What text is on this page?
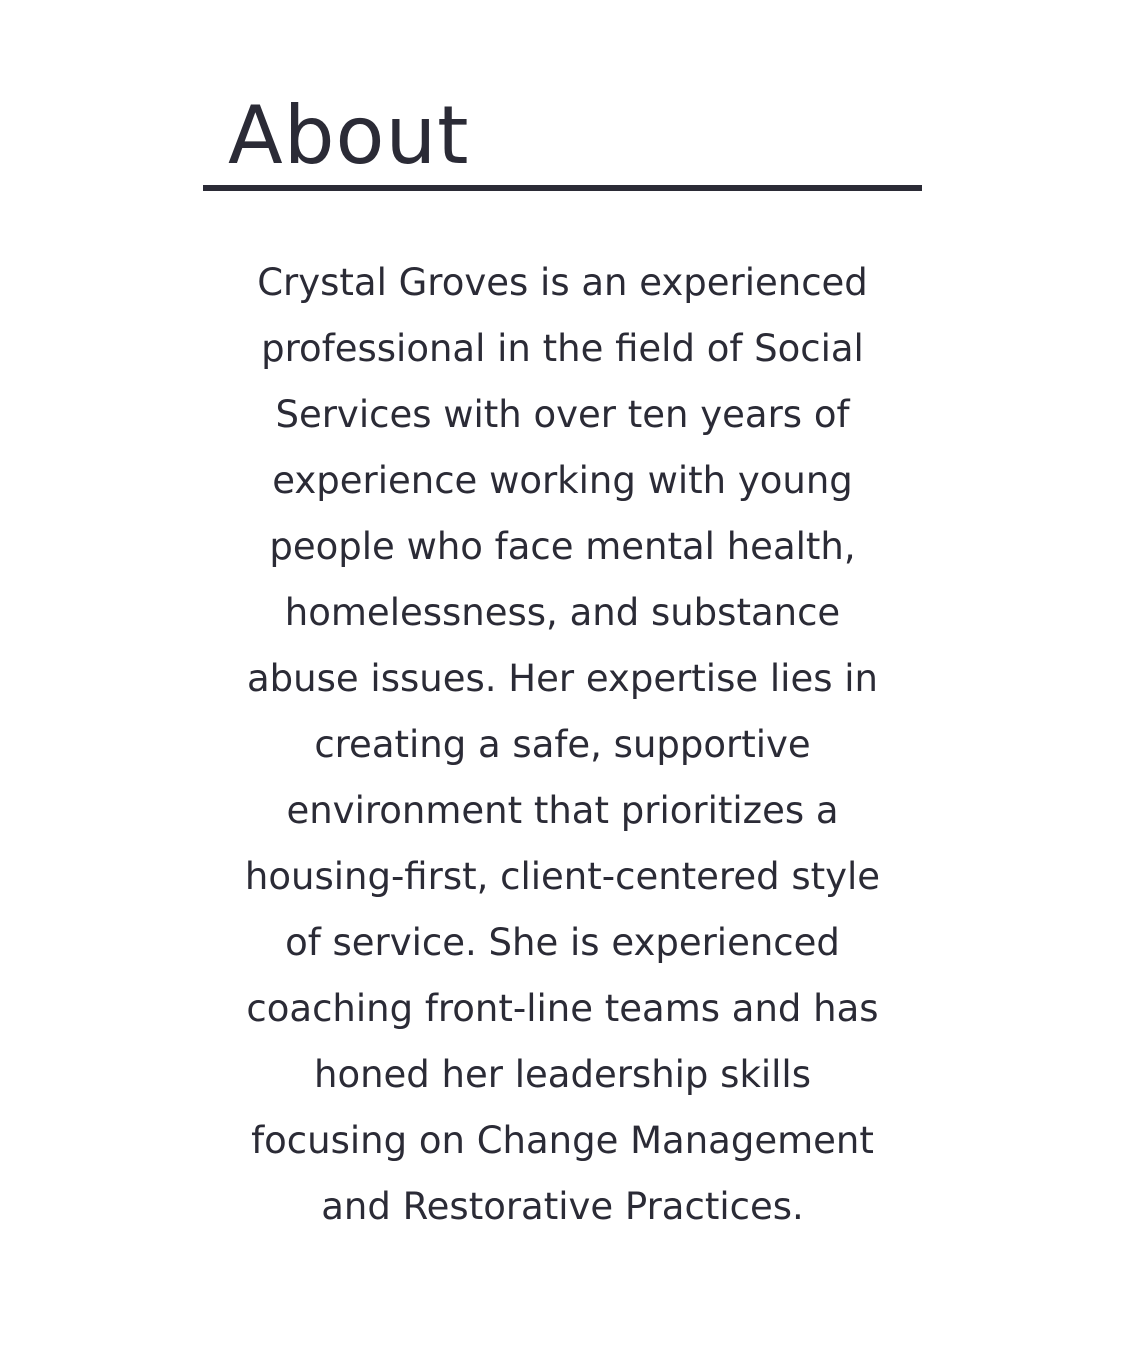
About

Crystal Groves is an experienced
professional in the field of Social
Services with over ten years of
experience working with young
people who face mental health,
homelessness, and substance
abuse issues. Her expertise lies in
creating a safe, supportive
environment that prioritizes a
housing-first, client-centered style
of service. She is experienced
coaching front-line teams and has
honed her leadership skills
focusing on Change Management
and Restorative Practices.
